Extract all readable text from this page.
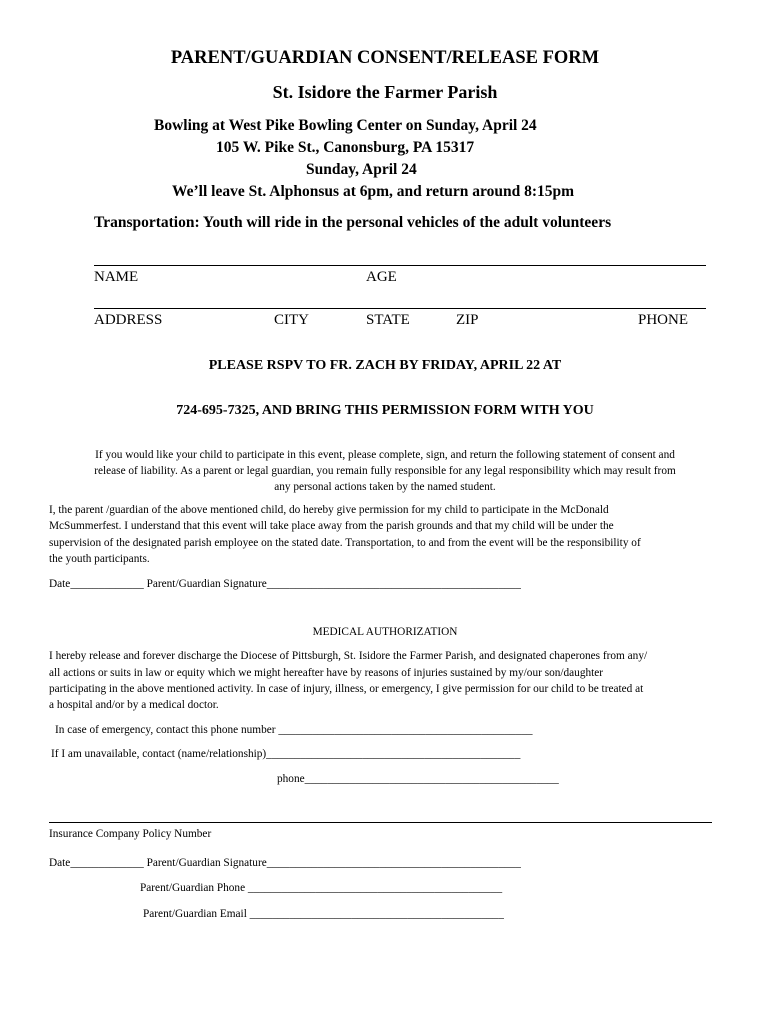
PARENT/GUARDIAN CONSENT/RELEASE FORM
St. Isidore the Farmer Parish
Bowling at West Pike Bowling Center on Sunday, April 24
105 W. Pike St., Canonsburg, PA 15317
Sunday, April 24
We’ll leave St. Alphonsus at 6pm, and return around 8:15pm
Transportation: Youth will ride in the personal vehicles of the adult volunteers
NAME	AGE
ADDRESS	CITY	STATE	ZIP	PHONE
PLEASE RSPV TO FR. ZACH BY FRIDAY, APRIL 22 AT
724-695-7325, AND BRING THIS PERMISSION FORM WITH YOU
If you would like your child to participate in this event, please complete, sign, and return the following statement of consent and
release of liability. As a parent or legal guardian, you remain fully responsible for any legal responsibility which may result from
any personal actions taken by the named student.
I, the parent /guardian of the above mentioned child, do hereby give permission for my child to participate in the McDonald
McSummerfest. I understand that this event will take place away from the parish grounds and that my child will be under the
supervision of the designated parish employee on the stated date. Transportation, to and from the event will be the responsibility of
the youth participants.
Date_____________ Parent/Guardian Signature_____________________________________________
MEDICAL AUTHORIZATION
I hereby release and forever discharge the Diocese of Pittsburgh, St. Isidore the Farmer Parish, and designated chaperones from any/
all actions or suits in law or equity which we might hereafter have by reasons of injuries sustained by my/our son/daughter
participating in the above mentioned activity. In case of injury, illness, or emergency, I give permission for our child to be treated at
a hospital and/or by a medical doctor.
In case of emergency, contact this phone number _____________________________________________
If I am unavailable, contact (name/relationship)_____________________________________________
phone_____________________________________________
Insurance Company Policy Number
Date_____________ Parent/Guardian Signature_____________________________________________
Parent/Guardian Phone _____________________________________________
Parent/Guardian Email _____________________________________________
